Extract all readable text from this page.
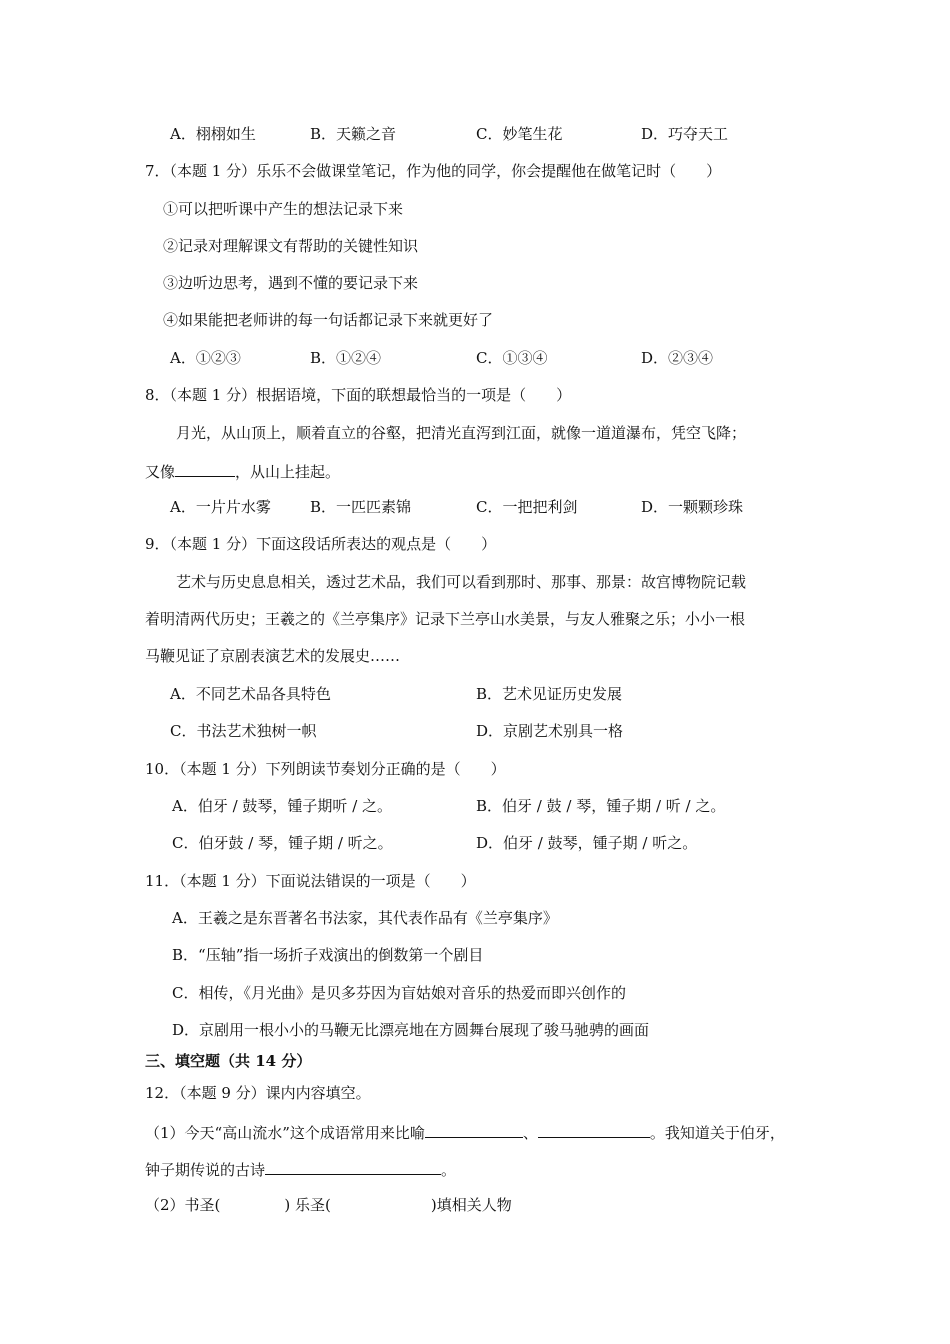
A．栩栩如生	B．天籁之音	C．妙笔生花	D．巧夺天工
7．（本题 1 分）乐乐不会做课堂笔记，作为他的同学，你会提醒他在做笔记时（　　）
①可以把听课中产生的想法记录下来
②记录对理解课文有帮助的关键性知识
③边听边思考，遇到不懂的要记录下来
④如果能把老师讲的每一句话都记录下来就更好了
A．①②③	B．①②④	C．①③④	D．②③④
8．（本题 1 分）根据语境，下面的联想最恰当的一项是（　　）
月光，从山顶上，顺着直立的谷壑，把清光直泻到江面，就像一道道瀑布，凭空飞降；
又像	，从山上挂起。
A．一片片水雾	B．一匹匹素锦	C．一把把利剑	D．一颗颗珍珠
9．（本题 1 分）下面这段话所表达的观点是（　　）
艺术与历史息息相关，透过艺术品，我们可以看到那时、那事、那景：故宫博物院记载
着明清两代历史；王羲之的《兰亭集序》记录下兰亭山水美景，与友人雅聚之乐；小小一根
马鞭见证了京剧表演艺术的发展史……
A．不同艺术品各具特色	B．艺术见证历史发展
C．书法艺术独树一帜	D．京剧艺术别具一格
10．（本题 1 分）下列朗读节奏划分正确的是（　　）
A．伯牙 / 鼓琴，锺子期听 / 之。	B．伯牙 / 鼓 / 琴，锺子期 / 听 / 之。
C．伯牙鼓 / 琴，锺子期 / 听之。	D．伯牙 / 鼓琴，锺子期 / 听之。
11．（本题 1 分）下面说法错误的一项是（　　）
A．王羲之是东晋著名书法家，其代表作品有《兰亭集序》
B．“压轴”指一场折子戏演出的倒数第一个剧目
C．相传，《月光曲》是贝多芬因为盲姑娘对音乐的热爱而即兴创作的
D．京剧用一根小小的马鞭无比漂亮地在方圆舞台展现了骏马驰骋的画面
三、填空题（共 14 分）
12．（本题 9 分）课内内容填空。
（1）今天“高山流水”这个成语常用来比喻	、	。我知道关于伯牙，
钟子期传说的古诗	。
（2）书圣(	) 乐圣(	)填相关人物
